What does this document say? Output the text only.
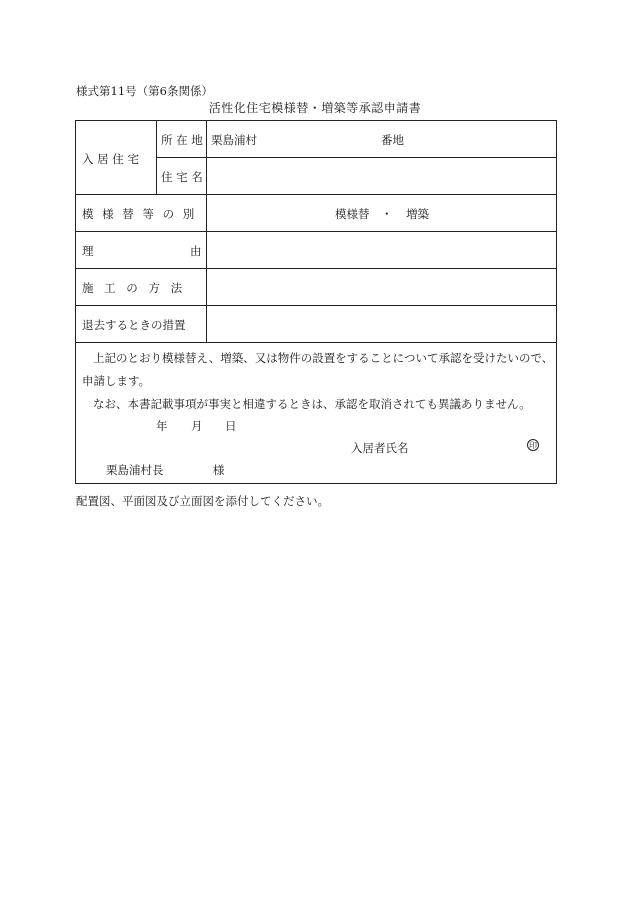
様式第11号（第6条関係）
活性化住宅模様替・増築等承認申請書
入 居 住 宅
所 在 地 栗島浦村	番地
住 宅 名
模 様 替 等 の 別	模様替 ・ 増築
理	由
施 工 の 方 法
退去するときの措置
上記のとおり模様替え、増築、又は物件の設置をすることについて承認を受けたいので、
申請します。
なお、本書記載事項が事実と相違するときは、承認を取消されても異議ありません。
年 月 日
入居者氏名	印
栗島浦村長	様
配置図、平面図及び立面図を添付してください。
